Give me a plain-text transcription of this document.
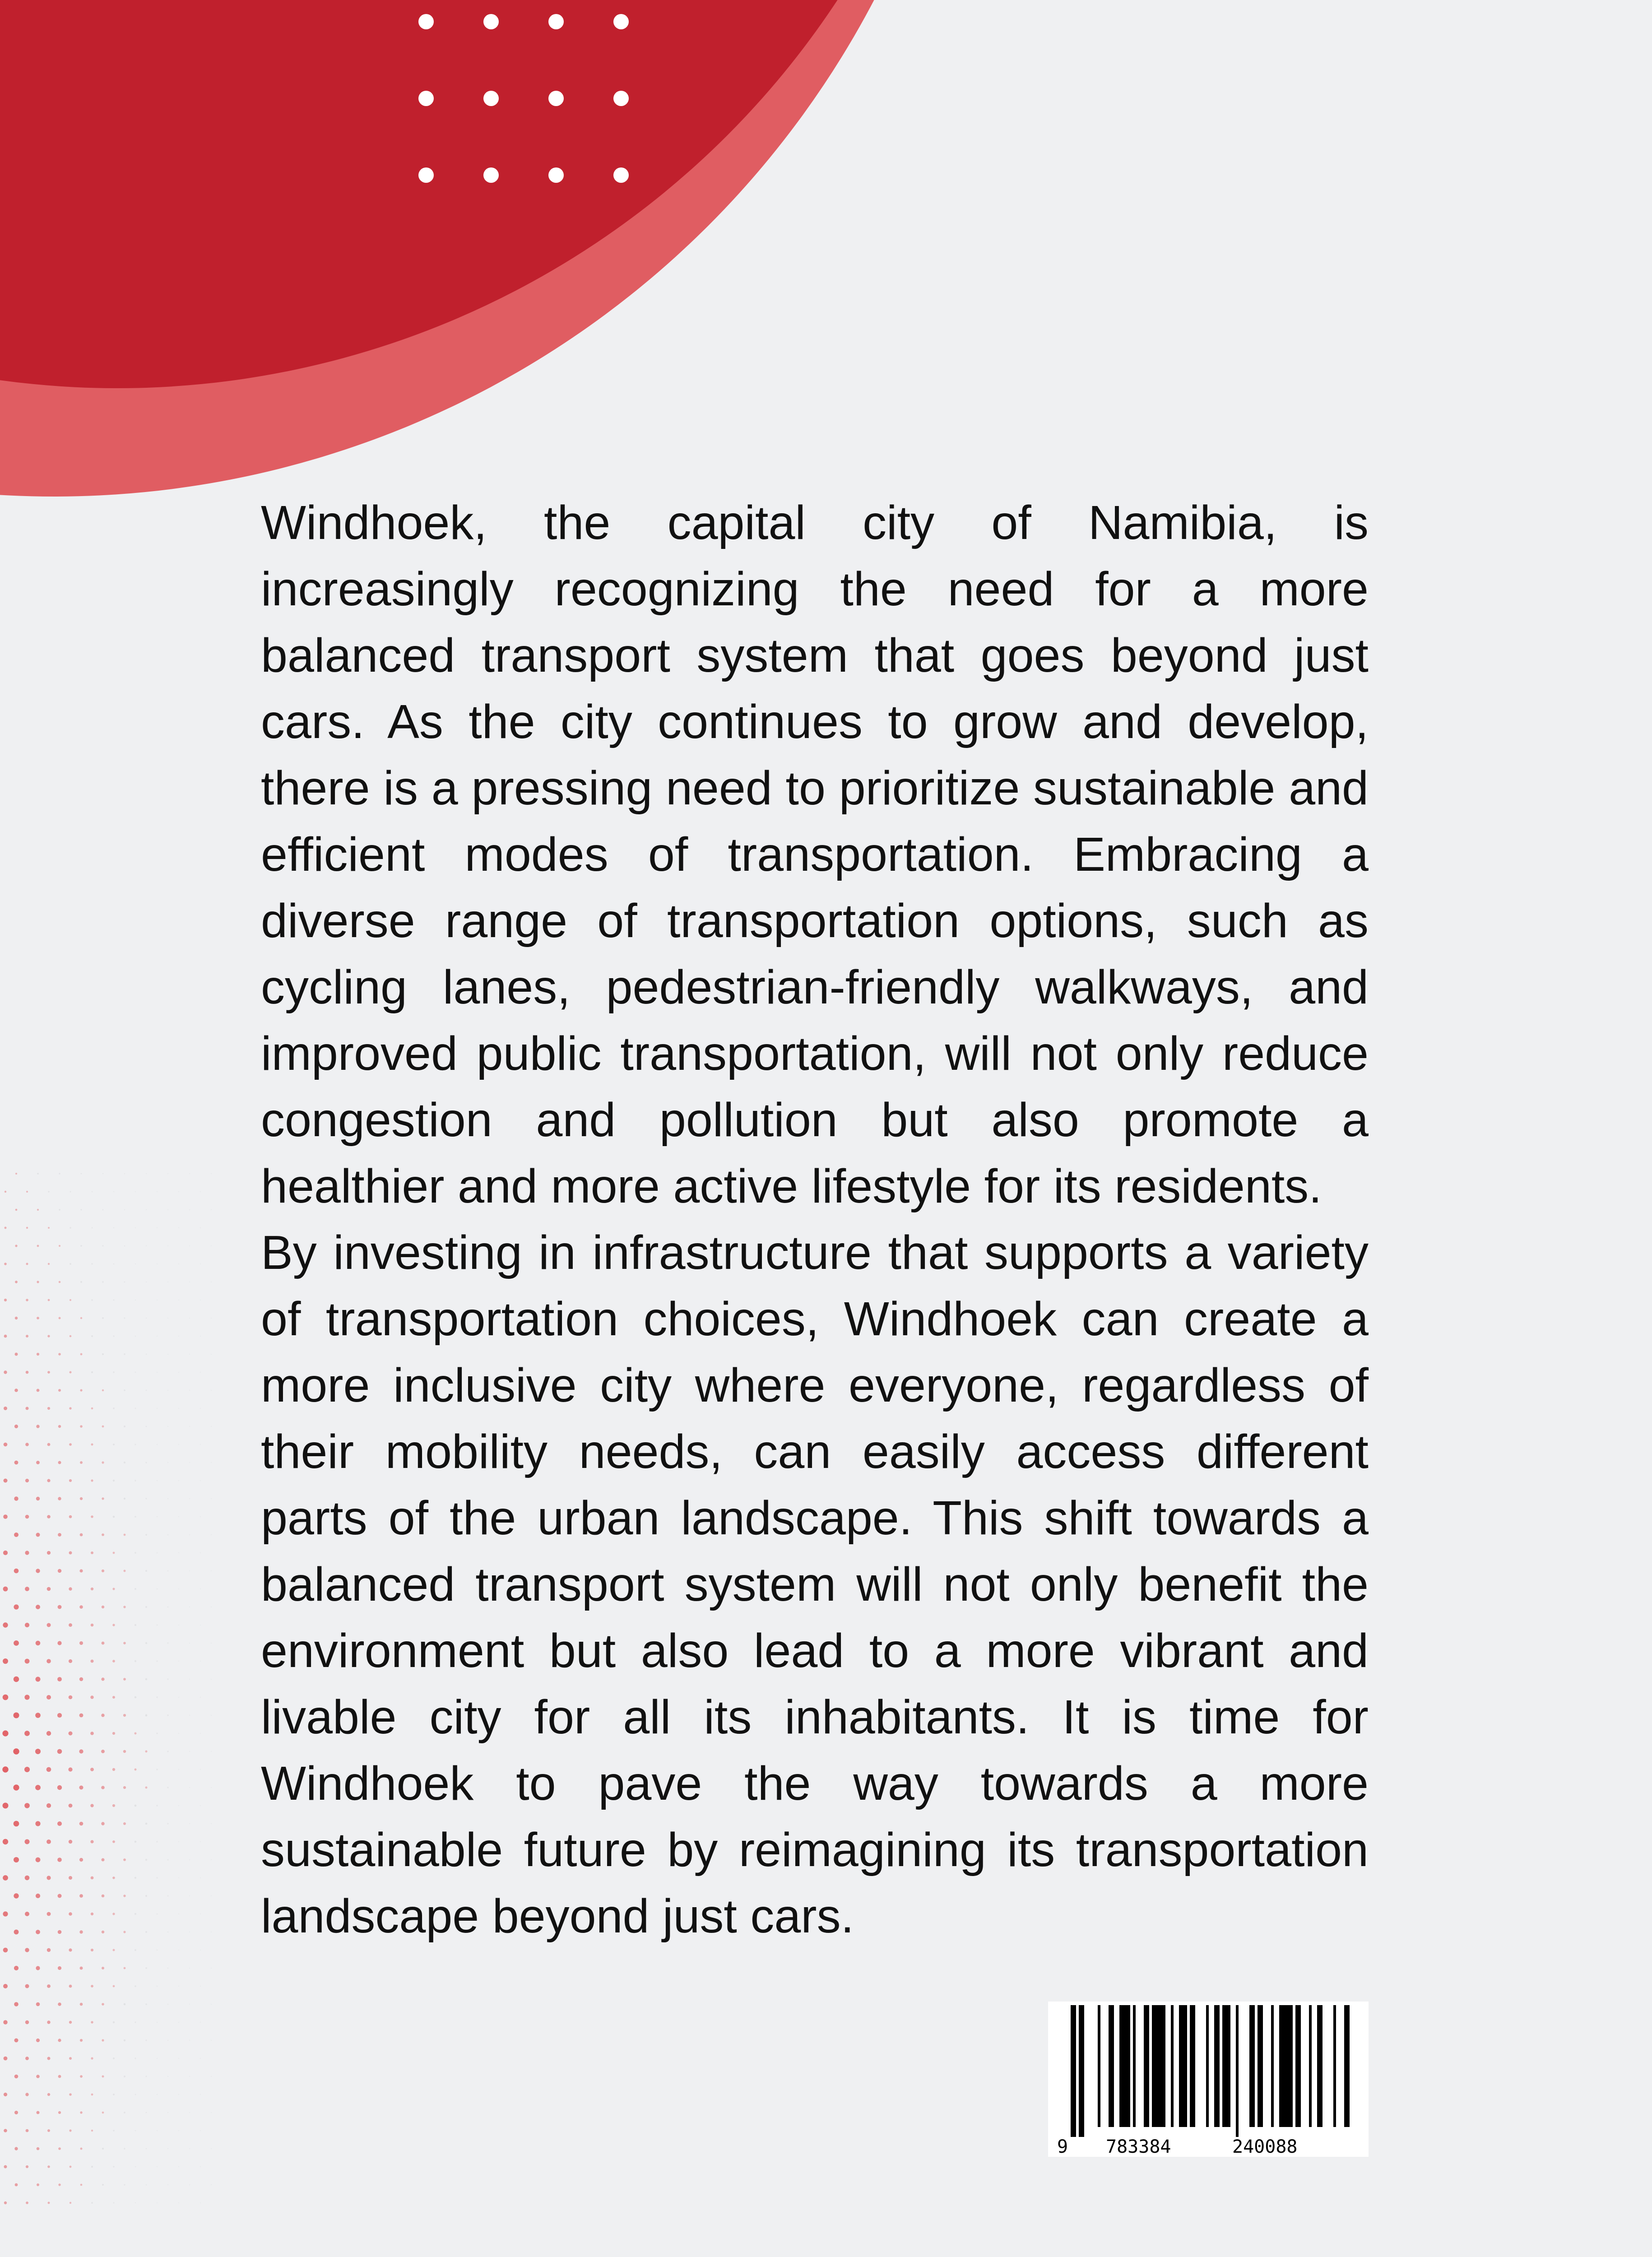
Windhoek, the capital city of Namibia, is increasingly recognizing the need for a more balanced transport system that goes beyond just cars. As the city continues to grow and develop, there is a pressing need to prioritize sustainable and efficient modes of transportation. Embracing a diverse range of transportation options, such as cycling lanes, pedestrian-friendly walkways, and improved public transportation, will not only reduce congestion and pollution but also promote a healthier and more active lifestyle for its residents.

By investing in infrastructure that supports a variety of transportation choices, Windhoek can create a more inclusive city where everyone, regardless of their mobility needs, can easily access different parts of the urban landscape. This shift towards a balanced transport system will not only benefit the environment but also lead to a more vibrant and livable city for all its inhabitants. It is time for Windhoek to pave the way towards a more sustainable future by reimagining its transportation landscape beyond just cars.

9 783384	240088
